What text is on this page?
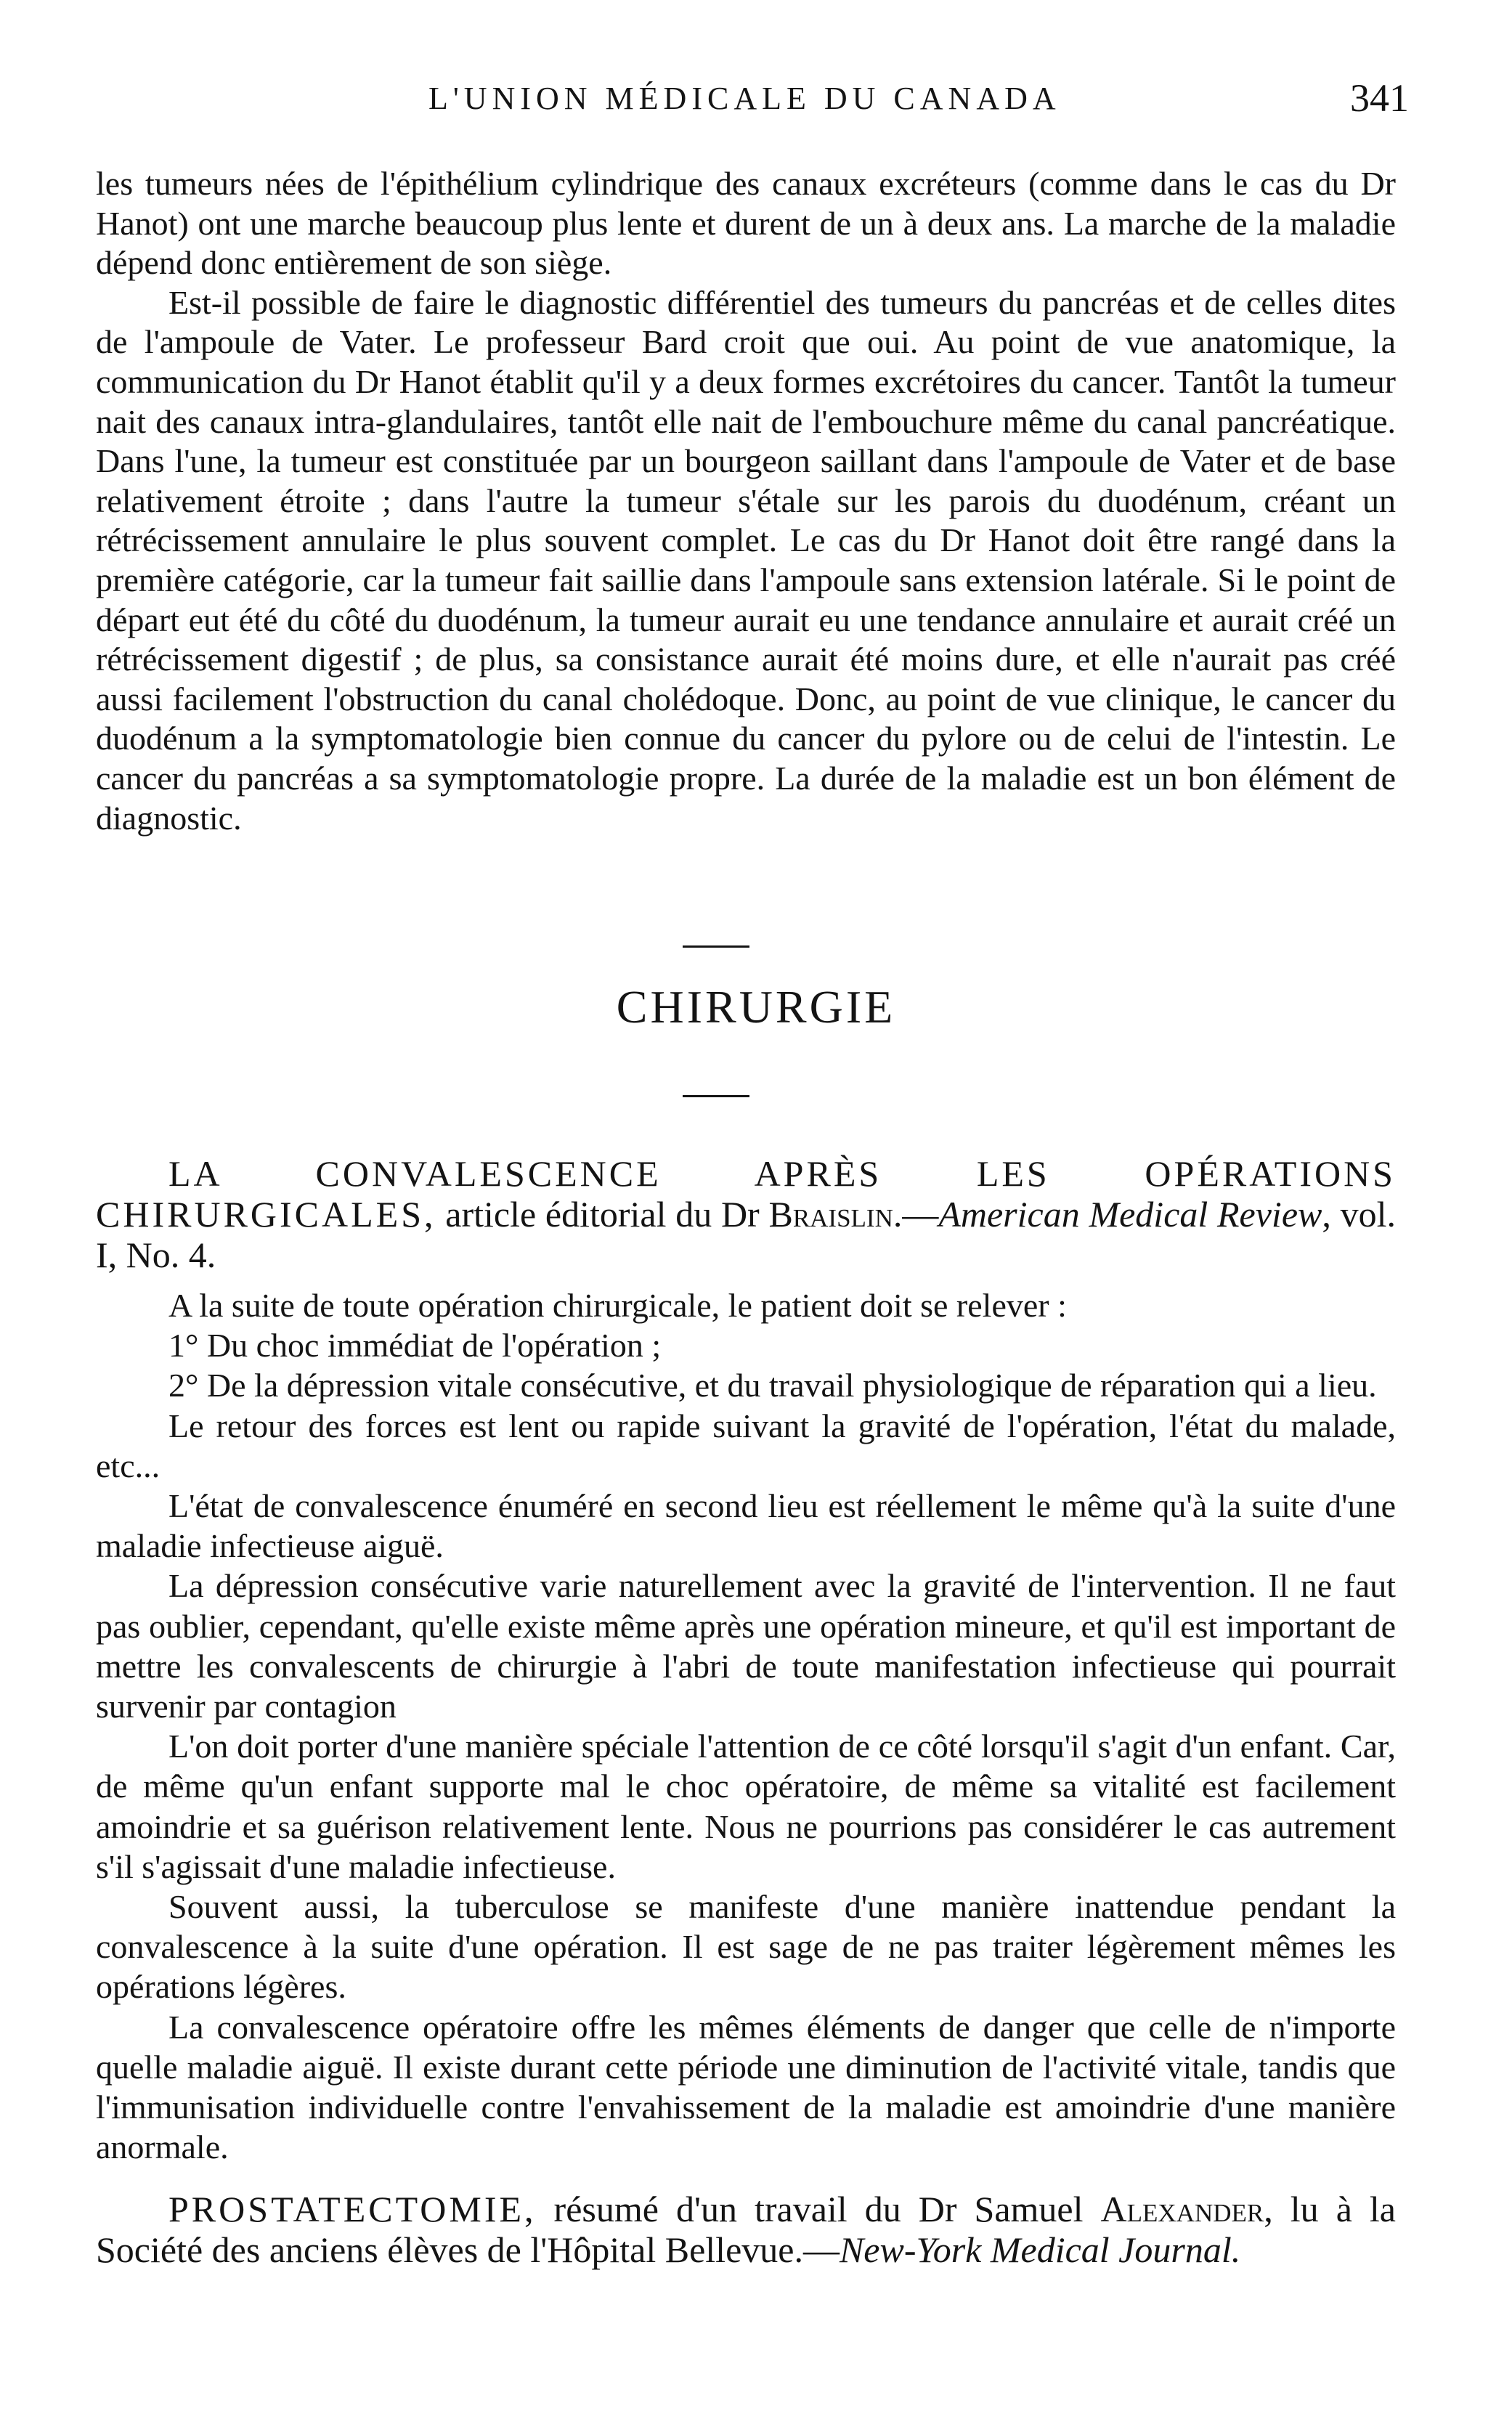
L'UNION MÉDICALE DU CANADA	341

les tumeurs nées de l'épithélium cylindrique des canaux excréteurs (comme dans le cas du Dr Hanot) ont une marche beaucoup plus lente et durent de un à deux ans. La marche de la maladie dépend donc entièrement de son siège.

Est-il possible de faire le diagnostic différentiel des tumeurs du pancréas et de celles dites de l'ampoule de Vater. Le professeur Bard croit que oui. Au point de vue anatomique, la communication du Dr Hanot établit qu'il y a deux formes excrétoires du cancer. Tantôt la tumeur nait des canaux intra-glandulaires, tantôt elle nait de l'embouchure même du canal pancréatique. Dans l'une, la tumeur est constituée par un bourgeon saillant dans l'ampoule de Vater et de base relativement étroite ; dans l'autre la tumeur s'étale sur les parois du duodénum, créant un rétrécissement annulaire le plus souvent complet. Le cas du Dr Hanot doit être rangé dans la première catégorie, car la tumeur fait saillie dans l'ampoule sans extension latérale. Si le point de départ eut été du côté du duodénum, la tumeur aurait eu une tendance annulaire et aurait créé un rétrécissement digestif ; de plus, sa consistance aurait été moins dure, et elle n'aurait pas créé aussi facilement l'obstruction du canal cholédoque. Donc, au point de vue clinique, le cancer du duodénum a la symptomatologie bien connue du cancer du pylore ou de celui de l'intestin. Le cancer du pancréas a sa symptomatologie propre. La durée de la maladie est un bon élément de diagnostic.

CHIRURGIE

LA CONVALESCENCE APRÈS LES OPÉRATIONS CHIRURGICALES, article éditorial du Dr Braislin.—American Medical Review, vol. I, No. 4.

A la suite de toute opération chirurgicale, le patient doit se relever :

1° Du choc immédiat de l'opération ;

2° De la dépression vitale consécutive, et du travail physiologique de réparation qui a lieu.

Le retour des forces est lent ou rapide suivant la gravité de l'opération, l'état du malade, etc...

L'état de convalescence énuméré en second lieu est réellement le même qu'à la suite d'une maladie infectieuse aiguë.

La dépression consécutive varie naturellement avec la gravité de l'intervention. Il ne faut pas oublier, cependant, qu'elle existe même après une opération mineure, et qu'il est important de mettre les convalescents de chirurgie à l'abri de toute manifestation infectieuse qui pourrait survenir par contagion

L'on doit porter d'une manière spéciale l'attention de ce côté lorsqu'il s'agit d'un enfant. Car, de même qu'un enfant supporte mal le choc opératoire, de même sa vitalité est facilement amoindrie et sa guérison relativement lente. Nous ne pourrions pas considérer le cas autrement s'il s'agissait d'une maladie infectieuse.

Souvent aussi, la tuberculose se manifeste d'une manière inattendue pendant la convalescence à la suite d'une opération. Il est sage de ne pas traiter légèrement mêmes les opérations légères.

La convalescence opératoire offre les mêmes éléments de danger que celle de n'importe quelle maladie aiguë. Il existe durant cette période une diminution de l'activité vitale, tandis que l'immunisation individuelle contre l'envahissement de la maladie est amoindrie d'une manière anormale.

PROSTATECTOMIE, résumé d'un travail du Dr Samuel Alexander, lu à la Société des anciens élèves de l'Hôpital Bellevue.—New-York Medical Journal.
